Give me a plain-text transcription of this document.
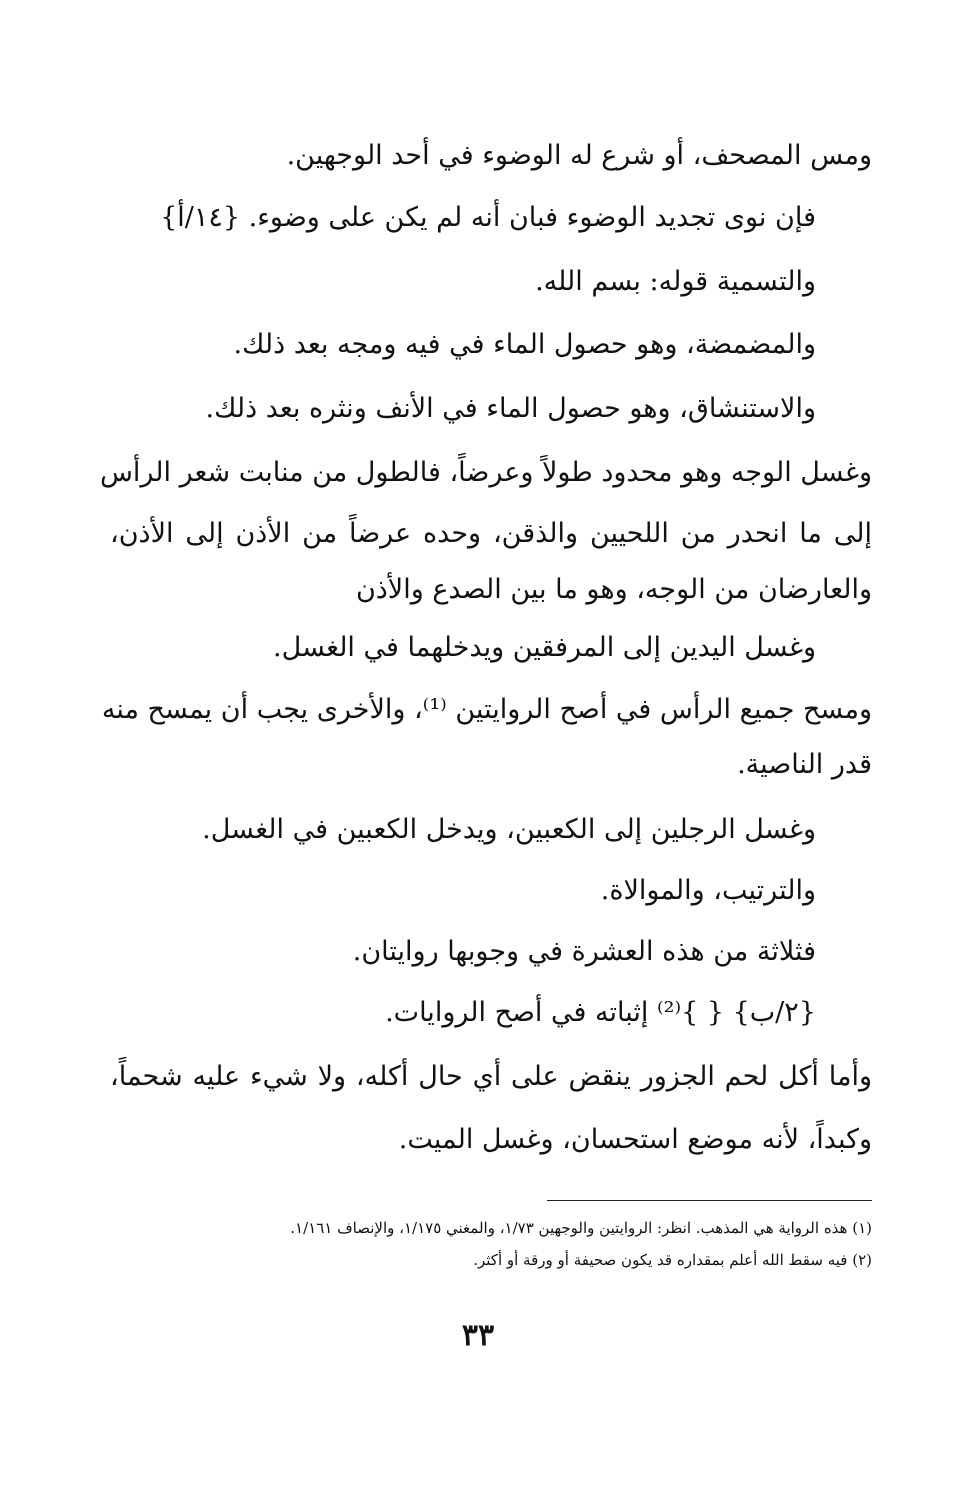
ومس المصحف، أو شرع له الوضوء في أحد الوجهين.
فإن نوى تجديد الوضوء فبان أنه لم يكن على وضوء. {١٤/أ}
والتسمية قوله: بسم الله.
والمضمضة، وهو حصول الماء في فيه ومجه بعد ذلك.
والاستنشاق، وهو حصول الماء في الأنف ونثره بعد ذلك.
وغسل الوجه وهو محدود طولاً وعرضاً، فالطول من منابت شعر الرأس
إلى ما انحدر من اللحيين والذقن، وحده عرضاً من الأذن إلى الأذن،
والعارضان من الوجه، وهو ما بين الصدع والأذن
وغسل اليدين إلى المرفقين ويدخلهما في الغسل.
ومسح جميع الرأس في أصح الروايتين ⁽¹⁾، والأخرى يجب أن يمسح منه
قدر الناصية.
وغسل الرجلين إلى الكعبين، ويدخل الكعبين في الغسل.
والترتيب، والموالاة.
فثلاثة من هذه العشرة في وجوبها روايتان.
{٢/ب} { }⁽²⁾ إثباته في أصح الروايات.
وأما أكل لحم الجزور ينقض على أي حال أكله، ولا شيء عليه شحماً،
وكبداً، لأنه موضع استحسان، وغسل الميت.
(١) هذه الرواية هي المذهب. انظر: الروايتين والوجهين ١/٧٣، والمغني ١/١٧٥، والإنصاف ١/١٦١.
(٢) فيه سقط الله أعلم بمقداره قد يكون صحيفة أو ورقة أو أكثر.
٣٣
